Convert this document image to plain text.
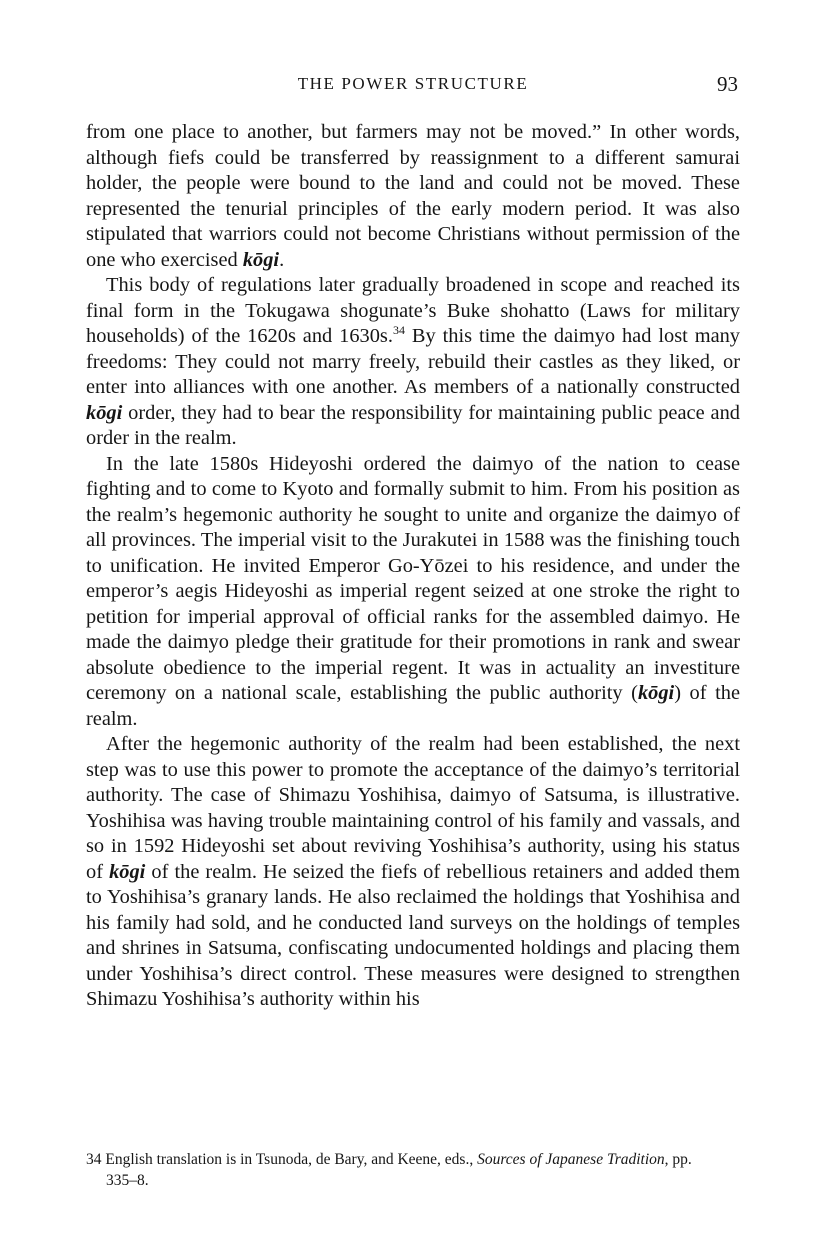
THE POWER STRUCTURE	93

from one place to another, but farmers may not be moved.” In other words, although fiefs could be transferred by reassignment to a different samurai holder, the people were bound to the land and could not be moved. These represented the tenurial principles of the early modern period. It was also stipulated that warriors could not become Christians without permission of the one who exercised kōgi.

This body of regulations later gradually broadened in scope and reached its final form in the Tokugawa shogunate’s Buke shohatto (Laws for military households) of the 1620s and 1630s.$^{34}$ By this time the daimyo had lost many freedoms: They could not marry freely, rebuild their castles as they liked, or enter into alliances with one another. As members of a nationally constructed kōgi order, they had to bear the responsibility for maintaining public peace and order in the realm.

In the late 1580s Hideyoshi ordered the daimyo of the nation to cease fighting and to come to Kyoto and formally submit to him. From his position as the realm’s hegemonic authority he sought to unite and organize the daimyo of all provinces. The imperial visit to the Jurakutei in 1588 was the finishing touch to unification. He invited Emperor Go-Yōzei to his residence, and under the emperor’s aegis Hideyoshi as imperial regent seized at one stroke the right to petition for imperial approval of official ranks for the assembled daimyo. He made the daimyo pledge their gratitude for their promotions in rank and swear absolute obedience to the imperial regent. It was in actuality an investiture ceremony on a national scale, establishing the public authority (kōgi) of the realm.

After the hegemonic authority of the realm had been established, the next step was to use this power to promote the acceptance of the daimyo’s territorial authority. The case of Shimazu Yoshihisa, daimyo of Satsuma, is illustrative. Yoshihisa was having trouble maintaining control of his family and vassals, and so in 1592 Hideyoshi set about reviving Yoshihisa’s authority, using his status of kōgi of the realm. He seized the fiefs of rebellious retainers and added them to Yoshihisa’s granary lands. He also reclaimed the holdings that Yoshihisa and his family had sold, and he conducted land surveys on the holdings of temples and shrines in Satsuma, confiscating undocumented holdings and placing them under Yoshihisa’s direct control. These measures were designed to strengthen Shimazu Yoshihisa’s authority within his

34 English translation is in Tsunoda, de Bary, and Keene, eds., Sources of Japanese Tradition, pp.
335–8.
